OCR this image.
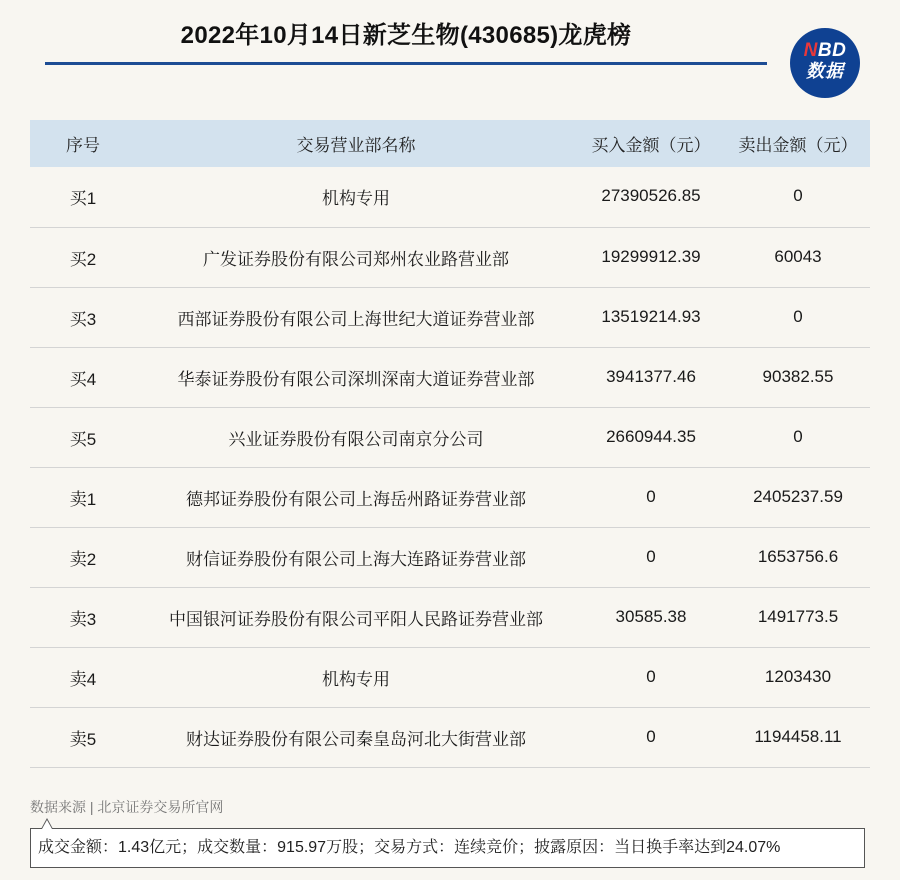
2022年10月14日新芝生物(430685)龙虎榜
NBD
数据
序号	交易营业部名称	买入金额（元）	卖出金额（元）
买1	机构专用	27390526.85	0
买2	广发证券股份有限公司郑州农业路营业部	19299912.39	60043
买3	西部证券股份有限公司上海世纪大道证券营业部	13519214.93	0
买4	华泰证券股份有限公司深圳深南大道证券营业部	3941377.46	90382.55
买5	兴业证券股份有限公司南京分公司	2660944.35	0
卖1	德邦证券股份有限公司上海岳州路证券营业部	0	2405237.59
卖2	财信证券股份有限公司上海大连路证券营业部	0	1653756.6
卖3	中国银河证券股份有限公司平阳人民路证券营业部	30585.38	1491773.5
卖4	机构专用	0	1203430
卖5	财达证券股份有限公司秦皇岛河北大街营业部	0	1194458.11
数据来源 | 北京证券交易所官网
成交金额：1.43亿元；成交数量：915.97万股；交易方式：连续竞价；披露原因：当日换手率达到24.07%
